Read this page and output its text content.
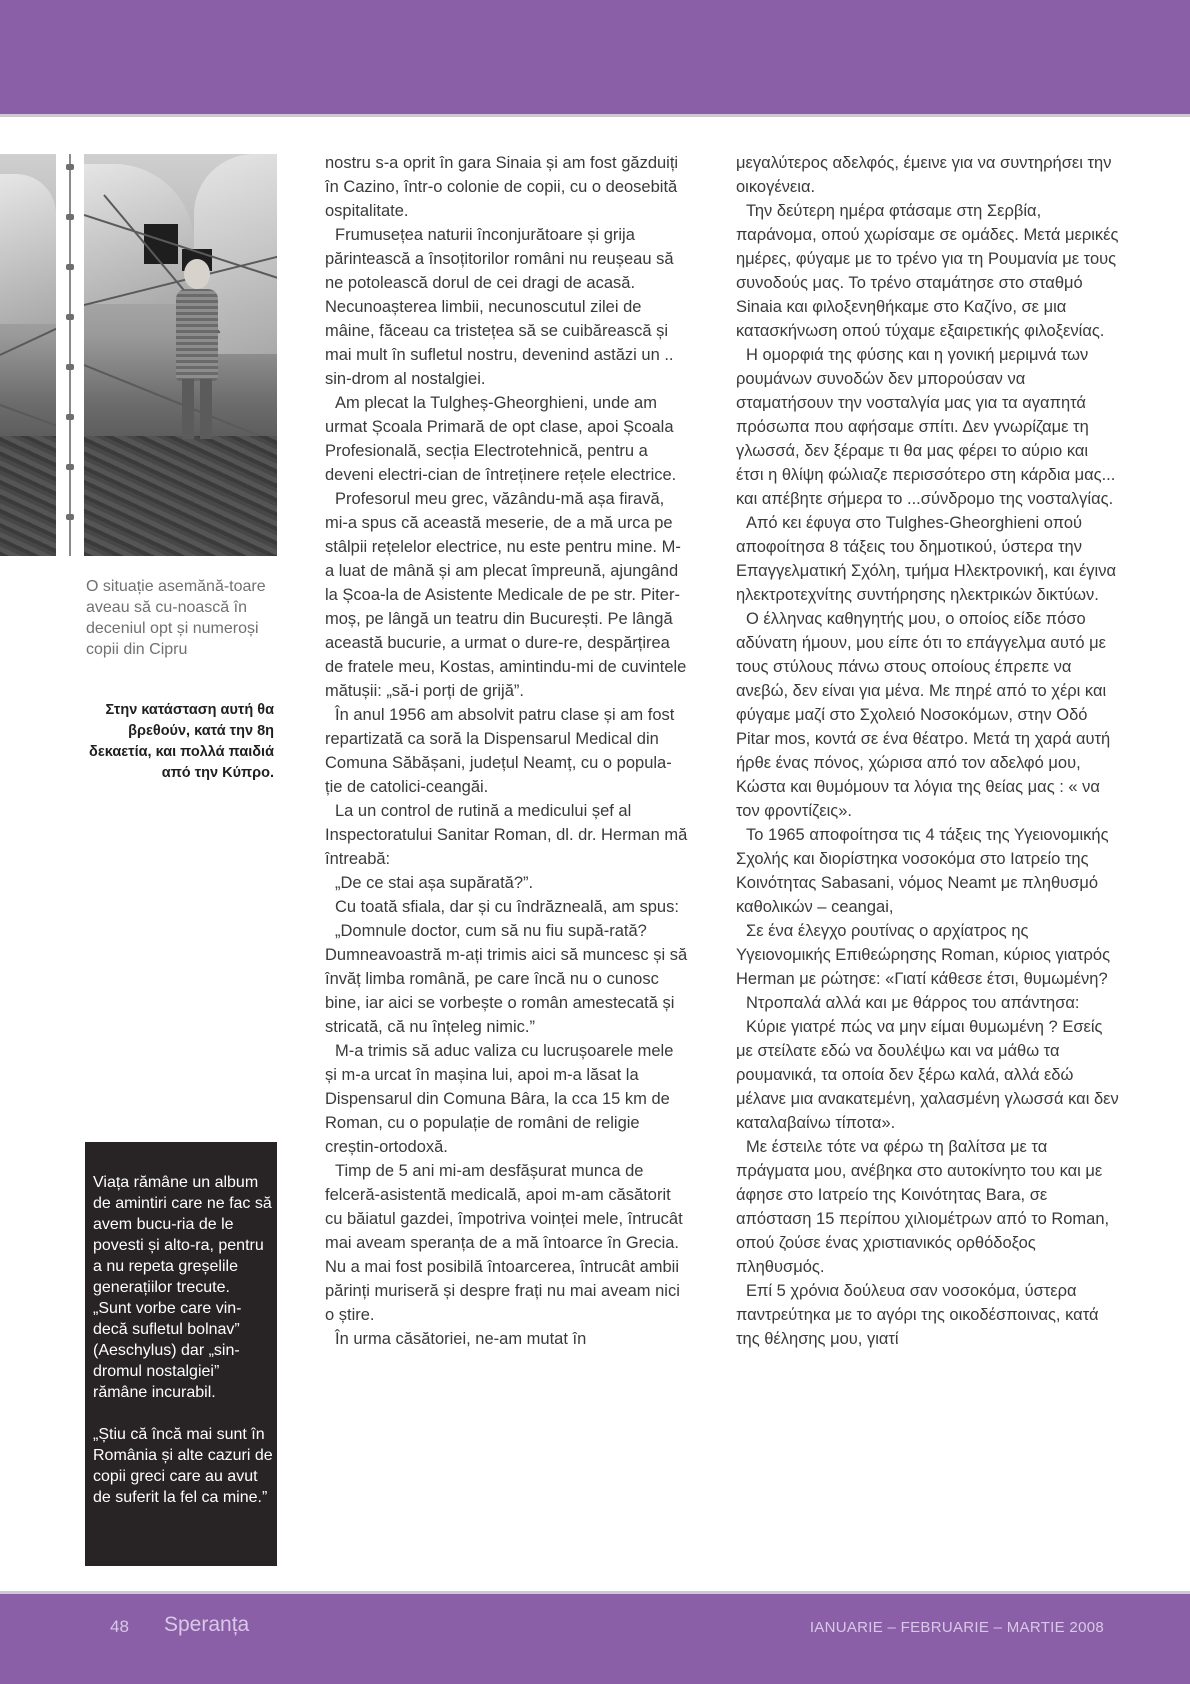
O situație asemănă-toare aveau să cu-noască în deceniul opt și numeroși copii din Cipru

Στην κατάσταση αυτή θα βρεθούν, κατά την 8η δεκαετία, και πολλά παιδιά από την Κύπρο.

Viața rămâne un album de amintiri care ne fac să avem bucu-ria de le povesti și alto-ra, pentru a nu repeta greșelile generațiilor trecute.

„Sunt vorbe care vin-decă sufletul bolnav” (Aeschylus) dar „sin-dromul nostalgiei” rămâne incurabil.

„Știu că încă mai sunt în România și alte cazuri de copii greci care au avut de suferit la fel ca mine.”

nostru s-a oprit în gara Sinaia și am fost găzduiți în Cazino, într-o colonie de copii, cu o deosebită ospitalitate.

Frumusețea naturii înconjurătoare și grija părintească a însoțitorilor români nu reușeau să ne potolească dorul de cei dragi de acasă. Necunoașterea limbii, necunoscutul zilei de mâine, făceau ca tristețea să se cuibărească și mai mult în sufletul nostru, devenind astăzi un .. sin-drom al nostalgiei.

Am plecat la Tulgheș-Gheorghieni, unde am urmat Școala Primară de opt clase, apoi Școala Profesională, secția Electrotehnică, pentru a deveni electri-cian de întreținere rețele electrice.

Profesorul meu grec, văzându-mă așa firavă, mi-a spus că această meserie, de a mă urca pe stâlpii rețelelor electrice, nu este pentru mine. M-a luat de mână și am plecat împreună, ajungând la Școa-la de Asistente Medicale de pe str. Piter-moș, pe lângă un teatru din București. Pe lângă această bucurie, a urmat o dure-re, despărțirea de fratele meu, Kostas, amintindu-mi de cuvintele mătușii: „să-i porți de grijă”.

În anul 1956 am absolvit patru clase și am fost repartizată ca soră la Dispensarul Medical din Comuna Săbășani, județul Neamț, cu o popula-ție de catolici-ceangăi.

La un control de rutină a medicului șef al Inspectoratului Sanitar Roman, dl. dr. Herman mă întreabă:

„De ce stai așa supărată?”.

Cu toată sfiala, dar și cu îndrăzneală, am spus:

„Domnule doctor, cum să nu fiu supă-rată? Dumneavoastră m-ați trimis aici să muncesc și să învăț limba română, pe care încă nu o cunosc bine, iar aici se vorbește o român amestecată și stricată, că nu înțeleg nimic.”

M-a trimis să aduc valiza cu lucrușoarele mele și m-a urcat în mașina lui, apoi m-a lăsat la Dispensarul din Comuna Bâra, la cca 15 km de Roman, cu o populație de români de religie creștin-ortodoxă.

Timp de 5 ani mi-am desfășurat munca de felceră-asistentă medicală, apoi m-am căsătorit cu băiatul gazdei, împotriva voinței mele, întrucât mai aveam speranța de a mă întoarce în Grecia. Nu a mai fost posibilă întoarcerea, întrucât ambii părinți muriseră și despre frați nu mai aveam nici o știre.

În urma căsătoriei, ne-am mutat în

μεγαλύτερος αδελφός, έμεινε για να συντηρήσει την οικογένεια.

Την δεύτερη ημέρα φτάσαμε στη Σερβία, παράνομα, οπού χωρίσαμε σε ομάδες. Μετά μερικές ημέρες, φύγαμε με το τρένο για τη Ρουμανία με τους συνοδούς μας. Το τρένο σταμάτησε στο σταθμό Sinaia και φιλοξενηθήκαμε στο Καζίνο, σε μια κατασκήνωση οπού τύχαμε εξαιρετικής φιλοξενίας.

Η ομορφιά της φύσης και η γονική μεριμνά των ρουμάνων συνοδών δεν μπορούσαν να σταματήσουν την νοσταλγία μας για τα αγαπητά πρόσωπα που αφήσαμε σπίτι. Δεν γνωρίζαμε τη γλωσσά, δεν ξέραμε τι θα μας φέρει το αύριο και έτσι η θλίψη φώλιαζε περισσότερο στη κάρδια μας... και απέβητε σήμερα το ...σύνδρομο της νοσταλγίας.

Από κει έφυγα στο Tulghes-Gheorghieni οπού αποφοίτησα 8 τάξεις του δημοτικού, ύστερα την Επαγγελματική Σχόλη, τμήμα Ηλεκτρονική, και έγινα ηλεκτροτεχνίτης συντήρησης ηλεκτρικών δικτύων.

Ο έλληνας καθηγητής μου, ο οποίος είδε πόσο αδύνατη ήμουν, μου είπε ότι το επάγγελμα αυτό με τους στύλους πάνω στους οποίους έπρεπε να ανεβώ, δεν είναι για μένα. Με πηρέ από το χέρι και φύγαμε μαζί στο Σχολειό Νοσοκόμων, στην Οδό Pitar mos, κοντά σε ένα θέατρο. Μετά τη χαρά αυτή ήρθε ένας πόνος, χώρισα από τον αδελφό μου, Κώστα και θυμόμουν τα λόγια της θείας μας : « να τον φροντίζεις».

Το 1965 αποφοίτησα τις 4 τάξεις της Υγειονομικής Σχολής και διορίστηκα νοσοκόμα στο Ιατρείο της Κοινότητας Sabasani, νόμος Neamt με πληθυσμό καθολικών – ceangai,

Σε ένα έλεγχο ρουτίνας ο αρχίατρος ης Υγειονομικής Επιθεώρησης Roman, κύριος γιατρός Herman με ρώτησε: «Γιατί κάθεσε έτσι, θυμωμένη?

Ντροπαλά αλλά και με θάρρος του απάντησα:

Κύριε γιατρέ πώς να μην είμαι θυμωμένη ? Εσείς με στείλατε εδώ να δουλέψω και να μάθω τα ρουμανικά, τα οποία δεν ξέρω καλά, αλλά εδώ μέλανε μια ανακατεμένη, χαλασμένη γλωσσά και δεν καταλαβαίνω τίποτα».

Με έστειλε τότε να φέρω τη βαλίτσα με τα πράγματα μου, ανέβηκα στο αυτοκίνητο του και με άφησε στο Ιατρείο της Κοινότητας Bara, σε απόσταση 15 περίπου χιλιομέτρων από το Roman, οπού ζούσε ένας χριστιανικός ορθόδοξος πληθυσμός.

Επί 5 χρόνια δούλευα σαν νοσοκόμα, ύστερα παντρεύτηκα με το αγόρι της οικοδέσποινας, κατά της θέλησης μου, γιατί

48 Speranța	IANUARIE – FEBRUARIE – MARTIE 2008
